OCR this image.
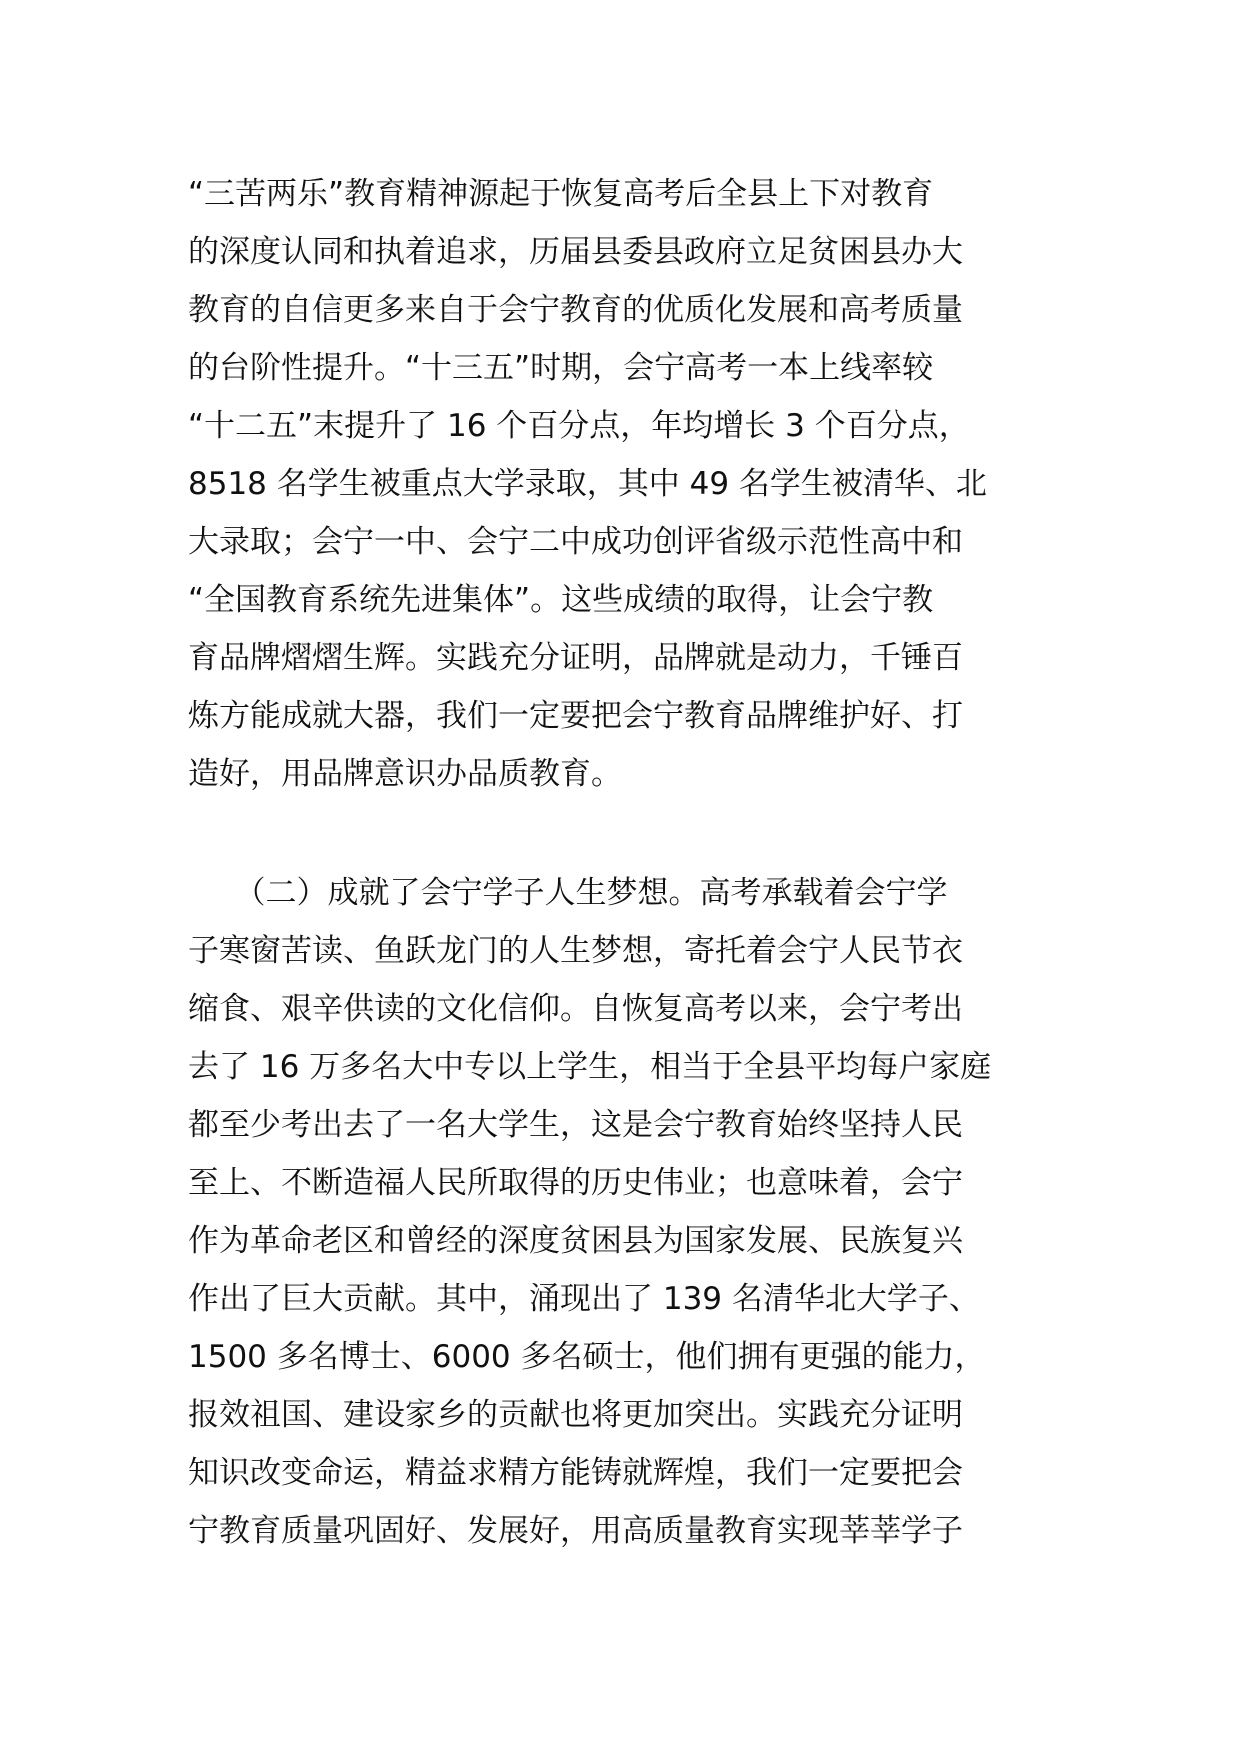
“三苦两乐”教育精神源起于恢复高考后全县上下对教育
的深度认同和执着追求，历届县委县政府立足贫困县办大
教育的自信更多来自于会宁教育的优质化发展和高考质量
的台阶性提升。“十三五”时期，会宁高考一本上线率较
“十二五”末提升了 16 个百分点，年均增长 3 个百分点，
8518 名学生被重点大学录取，其中 49 名学生被清华、北
大录取；会宁一中、会宁二中成功创评省级示范性高中和
“全国教育系统先进集体”。这些成绩的取得，让会宁教
育品牌熠熠生辉。实践充分证明，品牌就是动力，千锤百
炼方能成就大器，我们一定要把会宁教育品牌维护好、打
造好，用品牌意识办品质教育。
　　（二）成就了会宁学子人生梦想。高考承载着会宁学
子寒窗苦读、鱼跃龙门的人生梦想，寄托着会宁人民节衣
缩食、艰辛供读的文化信仰。自恢复高考以来，会宁考出
去了 16 万多名大中专以上学生，相当于全县平均每户家庭
都至少考出去了一名大学生，这是会宁教育始终坚持人民
至上、不断造福人民所取得的历史伟业；也意味着，会宁
作为革命老区和曾经的深度贫困县为国家发展、民族复兴
作出了巨大贡献。其中，涌现出了 139 名清华北大学子、
1500 多名博士、6000 多名硕士，他们拥有更强的能力，
报效祖国、建设家乡的贡献也将更加突出。实践充分证明
知识改变命运，精益求精方能铸就辉煌，我们一定要把会
宁教育质量巩固好、发展好，用高质量教育实现莘莘学子
